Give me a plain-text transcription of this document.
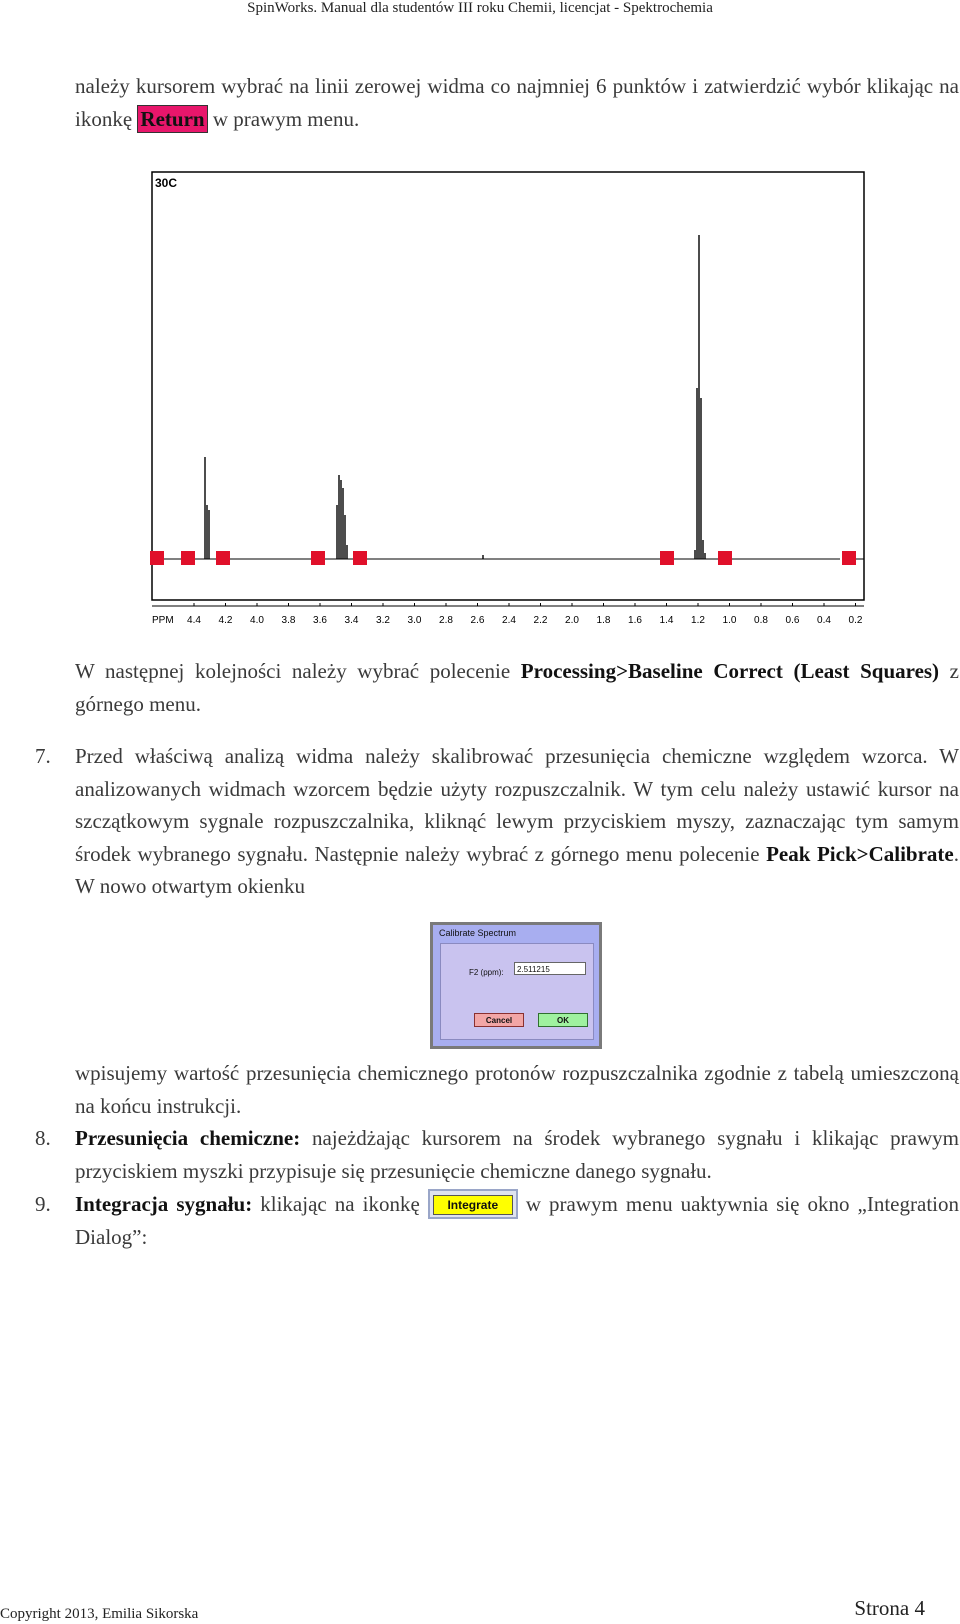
SpinWorks. Manual dla studentów III roku Chemii, licencjat - Spektrochemia
należy kursorem wybrać na linii zerowej widma co najmniej 6 punktów i zatwierdzić wybór klikając na ikonkę Return w prawym menu.
30C
4.4 4.2 4.0 3.8 3.6 3.4 3.2 3.0 2.8 2.6 2.4 2.2 2.0 1.8 1.6 1.4 1.2 1.0 0.8 0.6 0.4 0.2
PPM
W następnej kolejności należy wybrać polecenie Processing>Baseline Correct (Least Squares) z górnego menu.
7. Przed właściwą analizą widma należy skalibrować przesunięcia chemiczne względem wzorca. W analizowanych widmach wzorcem będzie użyty rozpuszczalnik. W tym celu należy ustawić kursor na szczątkowym sygnale rozpuszczalnika, kliknąć lewym przyciskiem myszy, zaznaczając tym samym środek wybranego sygnału. Następnie należy wybrać z górnego menu polecenie Peak Pick>Calibrate. W nowo otwartym okienku
Calibrate Spectrum
F2 (ppm):	2.511215
Cancel	OK
wpisujemy wartość przesunięcia chemicznego protonów rozpuszczalnika zgodnie z tabelą umieszczoną na końcu instrukcji.
8. Przesunięcia chemiczne: najeżdżając kursorem na środek wybranego sygnału i klikając prawym przyciskiem myszki przypisuje się przesunięcie chemiczne danego sygnału.
9. Integracja sygnału: klikając na ikonkę	Integrate w prawym menu uaktywnia się okno „Integration Dialog”:
Copyright 2013, Emilia Sikorska	Strona 4
